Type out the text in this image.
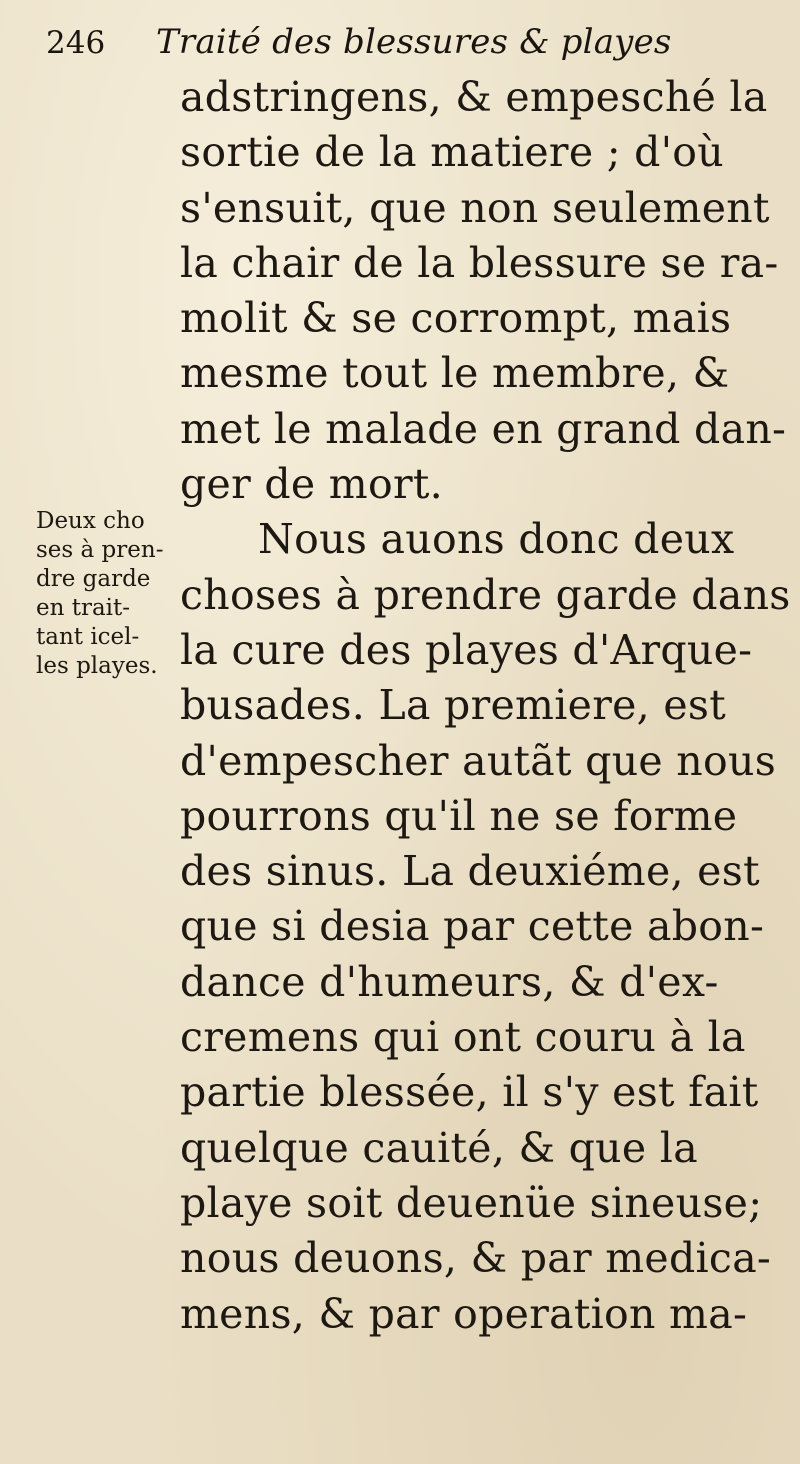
246 Traité des blessures & playes
adstringens, & empesché la
sortie de la matiere ; d'où
s'ensuit, que non seulement
la chair de la blessure se ra-
molit & se corrompt, mais
mesme tout le membre, &
met le malade en grand dan-
ger de mort.
Nous auons donc deux
choses à prendre garde dans
la cure des playes d'Arque-
busades. La premiere, est
d'empescher autãt que nous
pourrons qu'il ne se forme
des sinus. La deuxiéme, est
que si desia par cette abon-
dance d'humeurs, & d'ex-
cremens qui ont couru à la
partie blessée, il s'y est fait
quelque cauité, & que la
playe soit deuenüe sineuse;
nous deuons, & par medica-
mens, & par operation ma-
Deux cho
ses à pren-
dre garde
en trait-
tant icel-
les playes.
